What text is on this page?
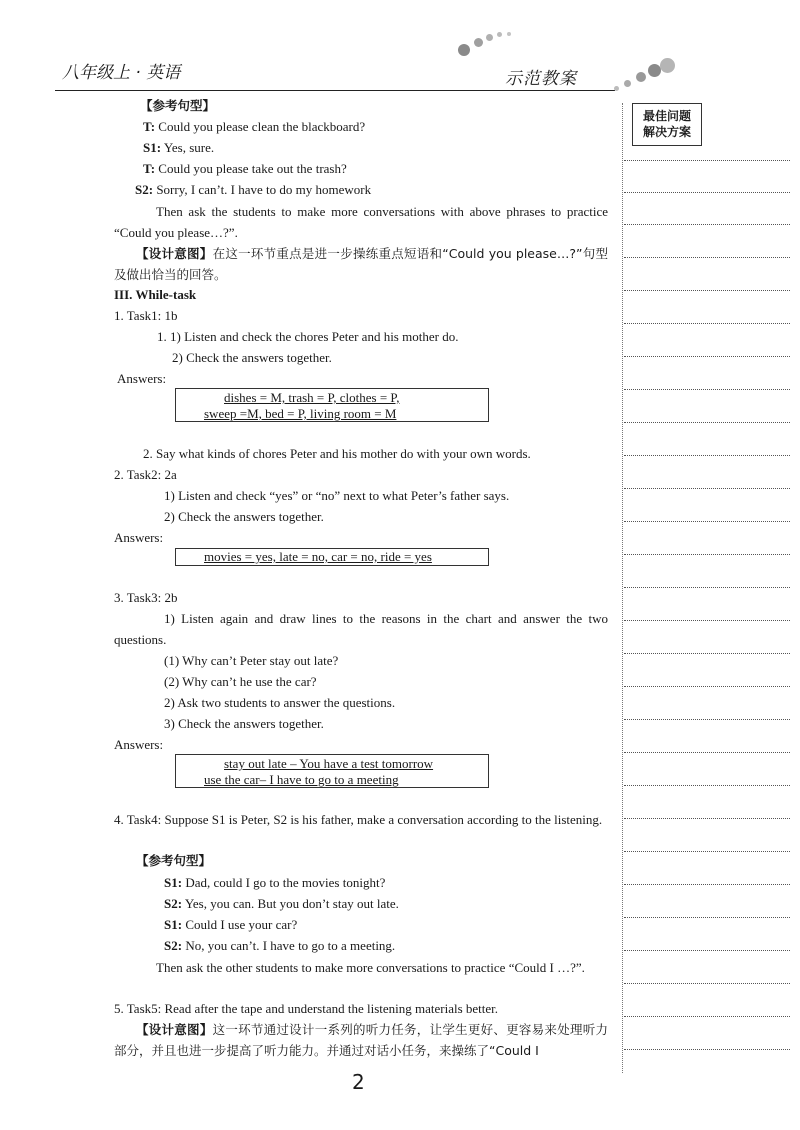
八年级上 · 英语	示范教案
最佳问题
解决方案
【参考句型】
T: Could you please clean the blackboard?
S1: Yes, sure.
T: Could you please take out the trash?
S2: Sorry, I can’t. I have to do my homework
Then ask the students to make more conversations with above phrases to practice “Could you please…?”.
【设计意图】在这一环节重点是进一步操练重点短语和“Could you please…?”句型及做出恰当的回答。
III. While-task
1. Task1: 1b
1. 1) Listen and check the chores Peter and his mother do.
2) Check the answers together.
Answers:
dishes = M, trash = P, clothes = P,
sweep =M, bed = P, living room = M
2. Say what kinds of chores Peter and his mother do with your own words.
2. Task2: 2a
1) Listen and check “yes” or “no” next to what Peter’s father says.
2) Check the answers together.
Answers:
movies = yes, late = no, car = no, ride = yes
3. Task3: 2b
1) Listen again and draw lines to the reasons in the chart and answer the two questions.
(1) Why can’t Peter stay out late?
(2) Why can’t he use the car?
2) Ask two students to answer the questions.
3) Check the answers together.
Answers:
stay out late – You have a test tomorrow
use the car– I have to go to a meeting
4. Task4: Suppose S1 is Peter, S2 is his father, make a conversation according to the listening.
【参考句型】
S1: Dad, could I go to the movies tonight?
S2: Yes, you can. But you don’t stay out late.
S1: Could I use your car?
S2: No, you can’t. I have to go to a meeting.
Then ask the other students to make more conversations to practice “Could I …?”.
5. Task5: Read after the tape and understand the listening materials better.
【设计意图】这一环节通过设计一系列的听力任务，让学生更好、更容易来处理听力部分，并且也进一步提高了听力能力。并通过对话小任务，来操练了“Could I
2
